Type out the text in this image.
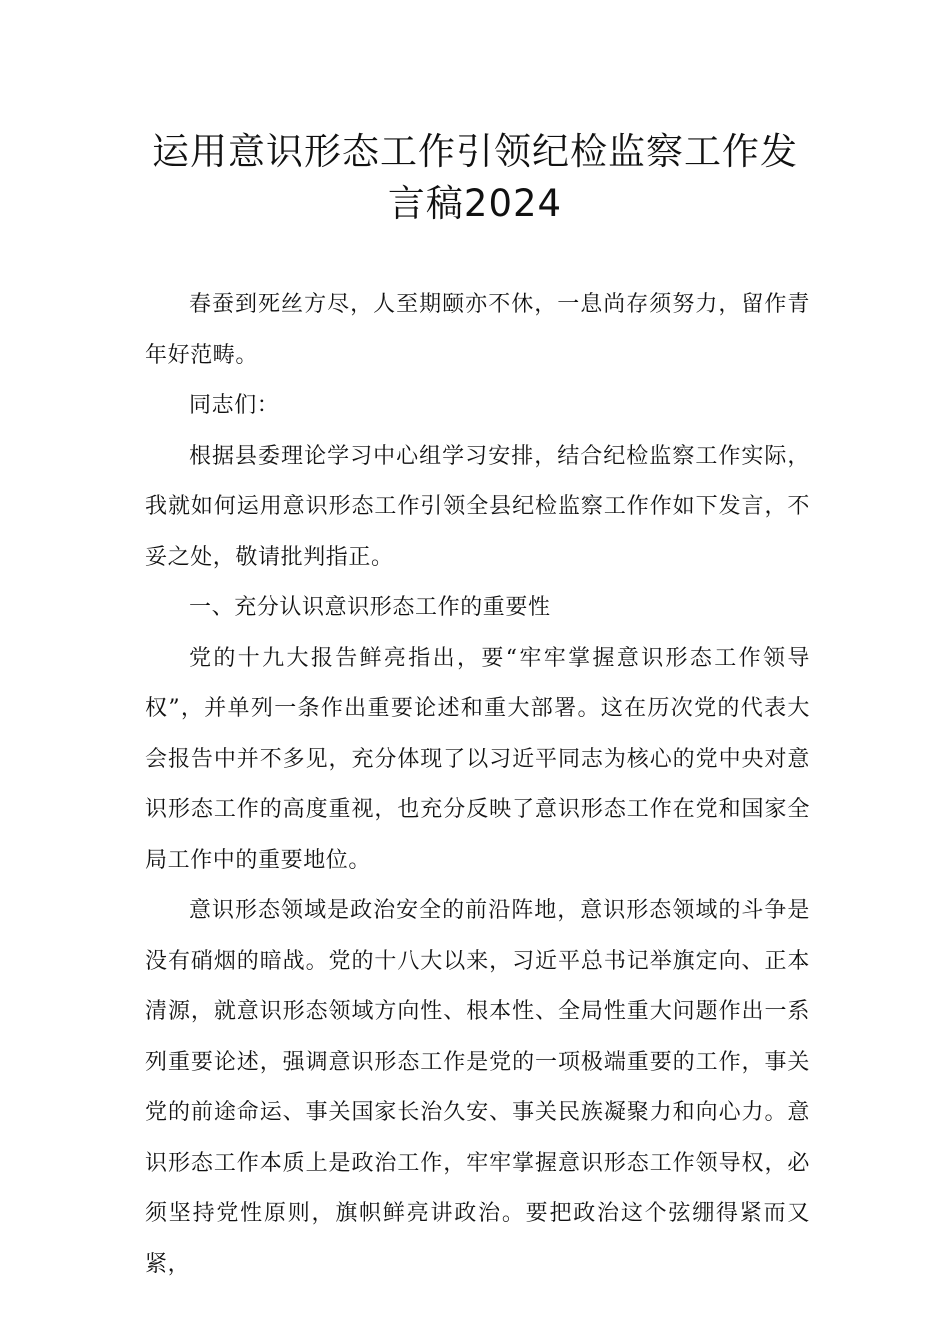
运用意识形态工作引领纪检监察工作发
言稿2024

春蚕到死丝方尽，人至期颐亦不休，一息尚存须努力，留作青年好范畴。

同志们：

根据县委理论学习中心组学习安排，结合纪检监察工作实际，我就如何运用意识形态工作引领全县纪检监察工作作如下发言，不妥之处，敬请批判指正。

一、充分认识意识形态工作的重要性

党的十九大报告鲜亮指出，要“牢牢掌握意识形态工作领导权”，并单列一条作出重要论述和重大部署。这在历次党的代表大会报告中并不多见，充分体现了以习近平同志为核心的党中央对意识形态工作的高度重视，也充分反映了意识形态工作在党和国家全局工作中的重要地位。

意识形态领域是政治安全的前沿阵地，意识形态领域的斗争是没有硝烟的暗战。党的十八大以来，习近平总书记举旗定向、正本清源，就意识形态领域方向性、根本性、全局性重大问题作出一系列重要论述，强调意识形态工作是党的一项极端重要的工作，事关党的前途命运、事关国家长治久安、事关民族凝聚力和向心力。意识形态工作本质上是政治工作，牢牢掌握意识形态工作领导权，必须坚持党性原则，旗帜鲜亮讲政治。要把政治这个弦绷得紧而又紧，
